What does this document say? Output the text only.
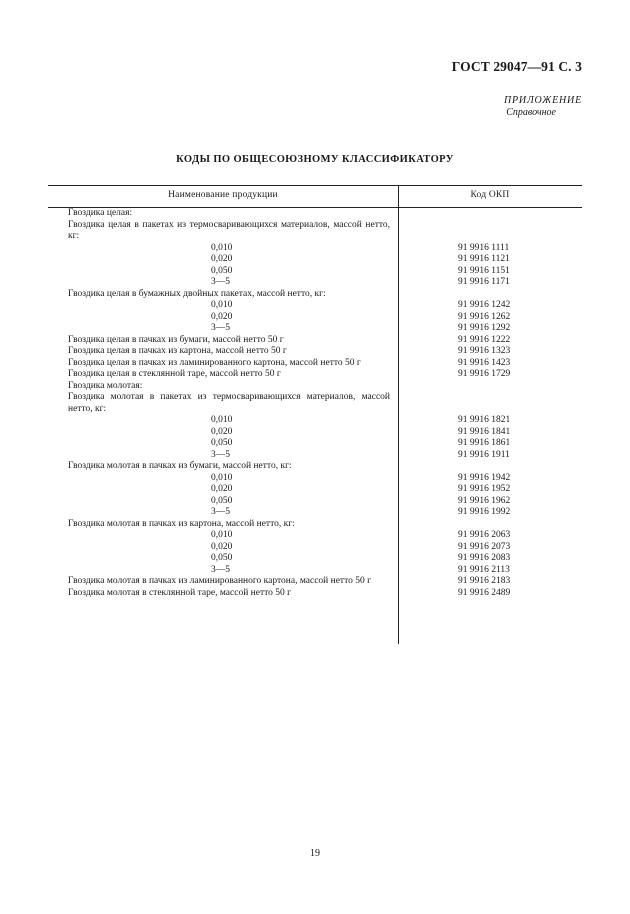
ГОСТ 29047—91 С. 3
ПРИЛОЖЕНИЕ
Справочное
КОДЫ ПО ОБЩЕСОЮЗНОМУ КЛАССИФИКАТОРУ
Наименование продукции	Код ОКП
Гвоздика целая:
Гвоздика целая в пакетах из термосваривающихся материалов, массой нетто, кг:
0,010	91 9916 1111
0,020	91 9916 1121
0,050	91 9916 1151
3—5	91 9916 1171
Гвоздика целая в бумажных двойных пакетах, массой нетто, кг:
0,010	91 9916 1242
0,020	91 9916 1262
3—5	91 9916 1292
Гвоздика целая в пачках из бумаги, массой нетто 50 г	91 9916 1222
Гвоздика целая в пачках из картона, массой нетто 50 г	91 9916 1323
Гвоздика целая в пачках из ламинированного картона, массой нетто 50 г	91 9916 1423
Гвоздика целая в стеклянной таре, массой нетто 50 г	91 9916 1729
Гвоздика молотая:
Гвоздика молотая в пакетах из термосваривающихся материалов, массой нетто, кг:
0,010	91 9916 1821
0,020	91 9916 1841
0,050	91 9916 1861
3—5	91 9916 1911
Гвоздика молотая в пачках из бумаги, массой нетто, кг:
0,010	91 9916 1942
0,020	91 9916 1952
0,050	91 9916 1962
3—5	91 9916 1992
Гвоздика молотая в пачках из картона, массой нетто, кг:
0,010	91 9916 2063
0,020	91 9916 2073
0,050	91 9916 2083
3—5	91 9916 2113
Гвоздика молотая в пачках из ламинированного картона, массой нетто 50 г	91 9916 2183
Гвоздика молотая в стеклянной таре, массой нетто 50 г	91 9916 2489
19
